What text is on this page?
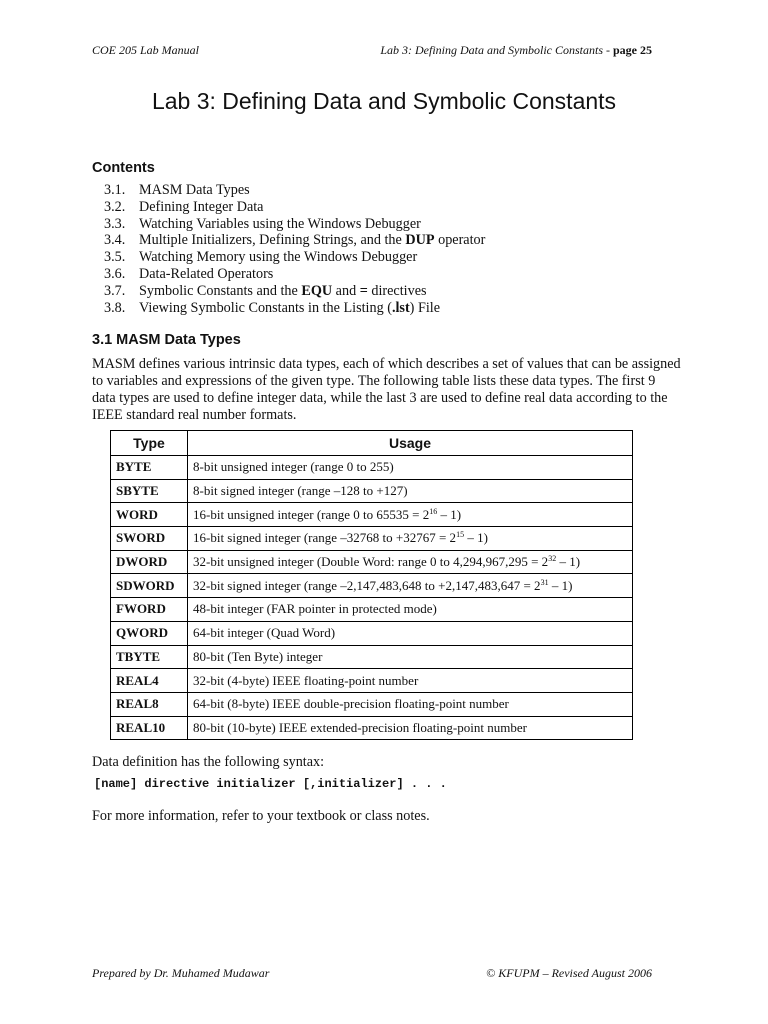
COE 205 Lab Manual	Lab 3: Defining Data and Symbolic Constants - page 25
Lab 3: Defining Data and Symbolic Constants
Contents
3.1. MASM Data Types
3.2. Defining Integer Data
3.3. Watching Variables using the Windows Debugger
3.4. Multiple Initializers, Defining Strings, and the DUP operator
3.5. Watching Memory using the Windows Debugger
3.6. Data-Related Operators
3.7. Symbolic Constants and the EQU and = directives
3.8. Viewing Symbolic Constants in the Listing (.lst) File
3.1 MASM Data Types
MASM defines various intrinsic data types, each of which describes a set of values that can be assigned to variables and expressions of the given type. The following table lists these data types. The first 9 data types are used to define integer data, while the last 3 are used to define real data according to the IEEE standard real number formats.
Type	Usage
BYTE	8-bit unsigned integer (range 0 to 255)
SBYTE	8-bit signed integer (range –128 to +127)
WORD	16-bit unsigned integer (range 0 to $65535 = 2^{16} - 1$)
SWORD	16-bit signed integer (range –32768 to $+32767 = 2^{15} - 1$)
DWORD	32-bit unsigned integer (Double Word: range 0 to $4,294,967,295 = 2^{32} - 1$)
SDWORD	32-bit signed integer (range –2,147,483,648 to $+2,147,483,647 = 2^{31} - 1$)
FWORD	48-bit integer (FAR pointer in protected mode)
QWORD	64-bit integer (Quad Word)
TBYTE	80-bit (Ten Byte) integer
REAL4	32-bit (4-byte) IEEE floating-point number
REAL8	64-bit (8-byte) IEEE double-precision floating-point number
REAL10	80-bit (10-byte) IEEE extended-precision floating-point number
Data definition has the following syntax:
[name] directive initializer [,initializer] . . .
For more information, refer to your textbook or class notes.
Prepared by Dr. Muhamed Mudawar	© KFUPM – Revised August 2006
